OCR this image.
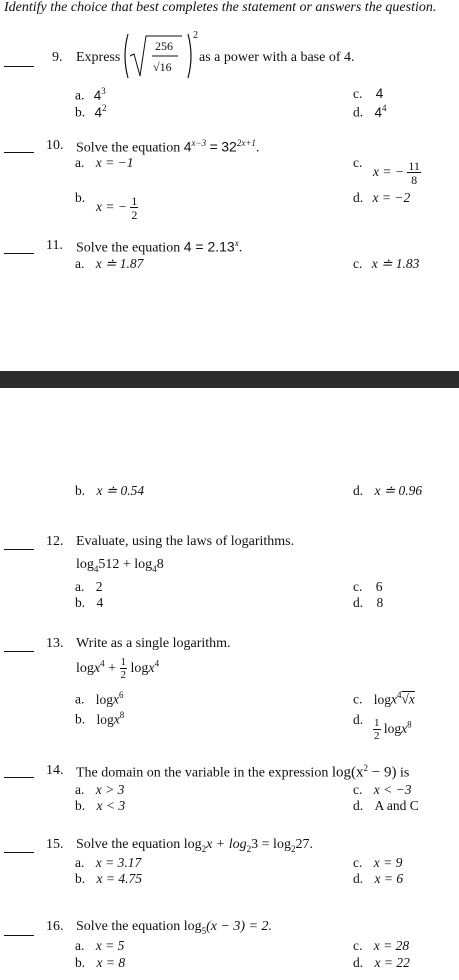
Identify the choice that best completes the statement or answers the question.
9. Express
256
√16
2
as a power with a base of 4.
a. $4^3$
b. $4^2$
c. 4
d. $4^4$
10. Solve the equation $4^{x-3} = 32^{2x+1}$.
a. x = −1
b.
x = − $\frac{1}{2}$
c.
x = − $\frac{11}{8}$
d. x = −2
11. Solve the equation $4 = 2.13^x$.
a. x ≐ 1.87	c. x ≐ 1.83
b. x ≐ 0.54	d. x ≐ 0.96
12. Evaluate, using the laws of logarithms.
$\log_4512 + \log_48$
a. 2
b. 4
c. 6
d. 8
13. Write as a single logarithm.
$\log x^4 + \frac{1}{2} \log x^4$
a. logx$^6$
b. logx$^8$
c. logx$^4$√x
d. $\frac{1}{2} \log x^8$
14. The domain on the variable in the expression $\log(x^2 - 9)$ is
a. x > 3
b. x < 3
c. x < −3
d. A and C
15. Solve the equation $\log_2x + \log_23 = \log_227$.
a. x = 3.17
b. x = 4.75
c. x = 9
d. x = 6
16. Solve the equation $\log_5(x - 3) = 2$.
a. x = 5
b. x = 8
c. x = 28
d. x = 22
